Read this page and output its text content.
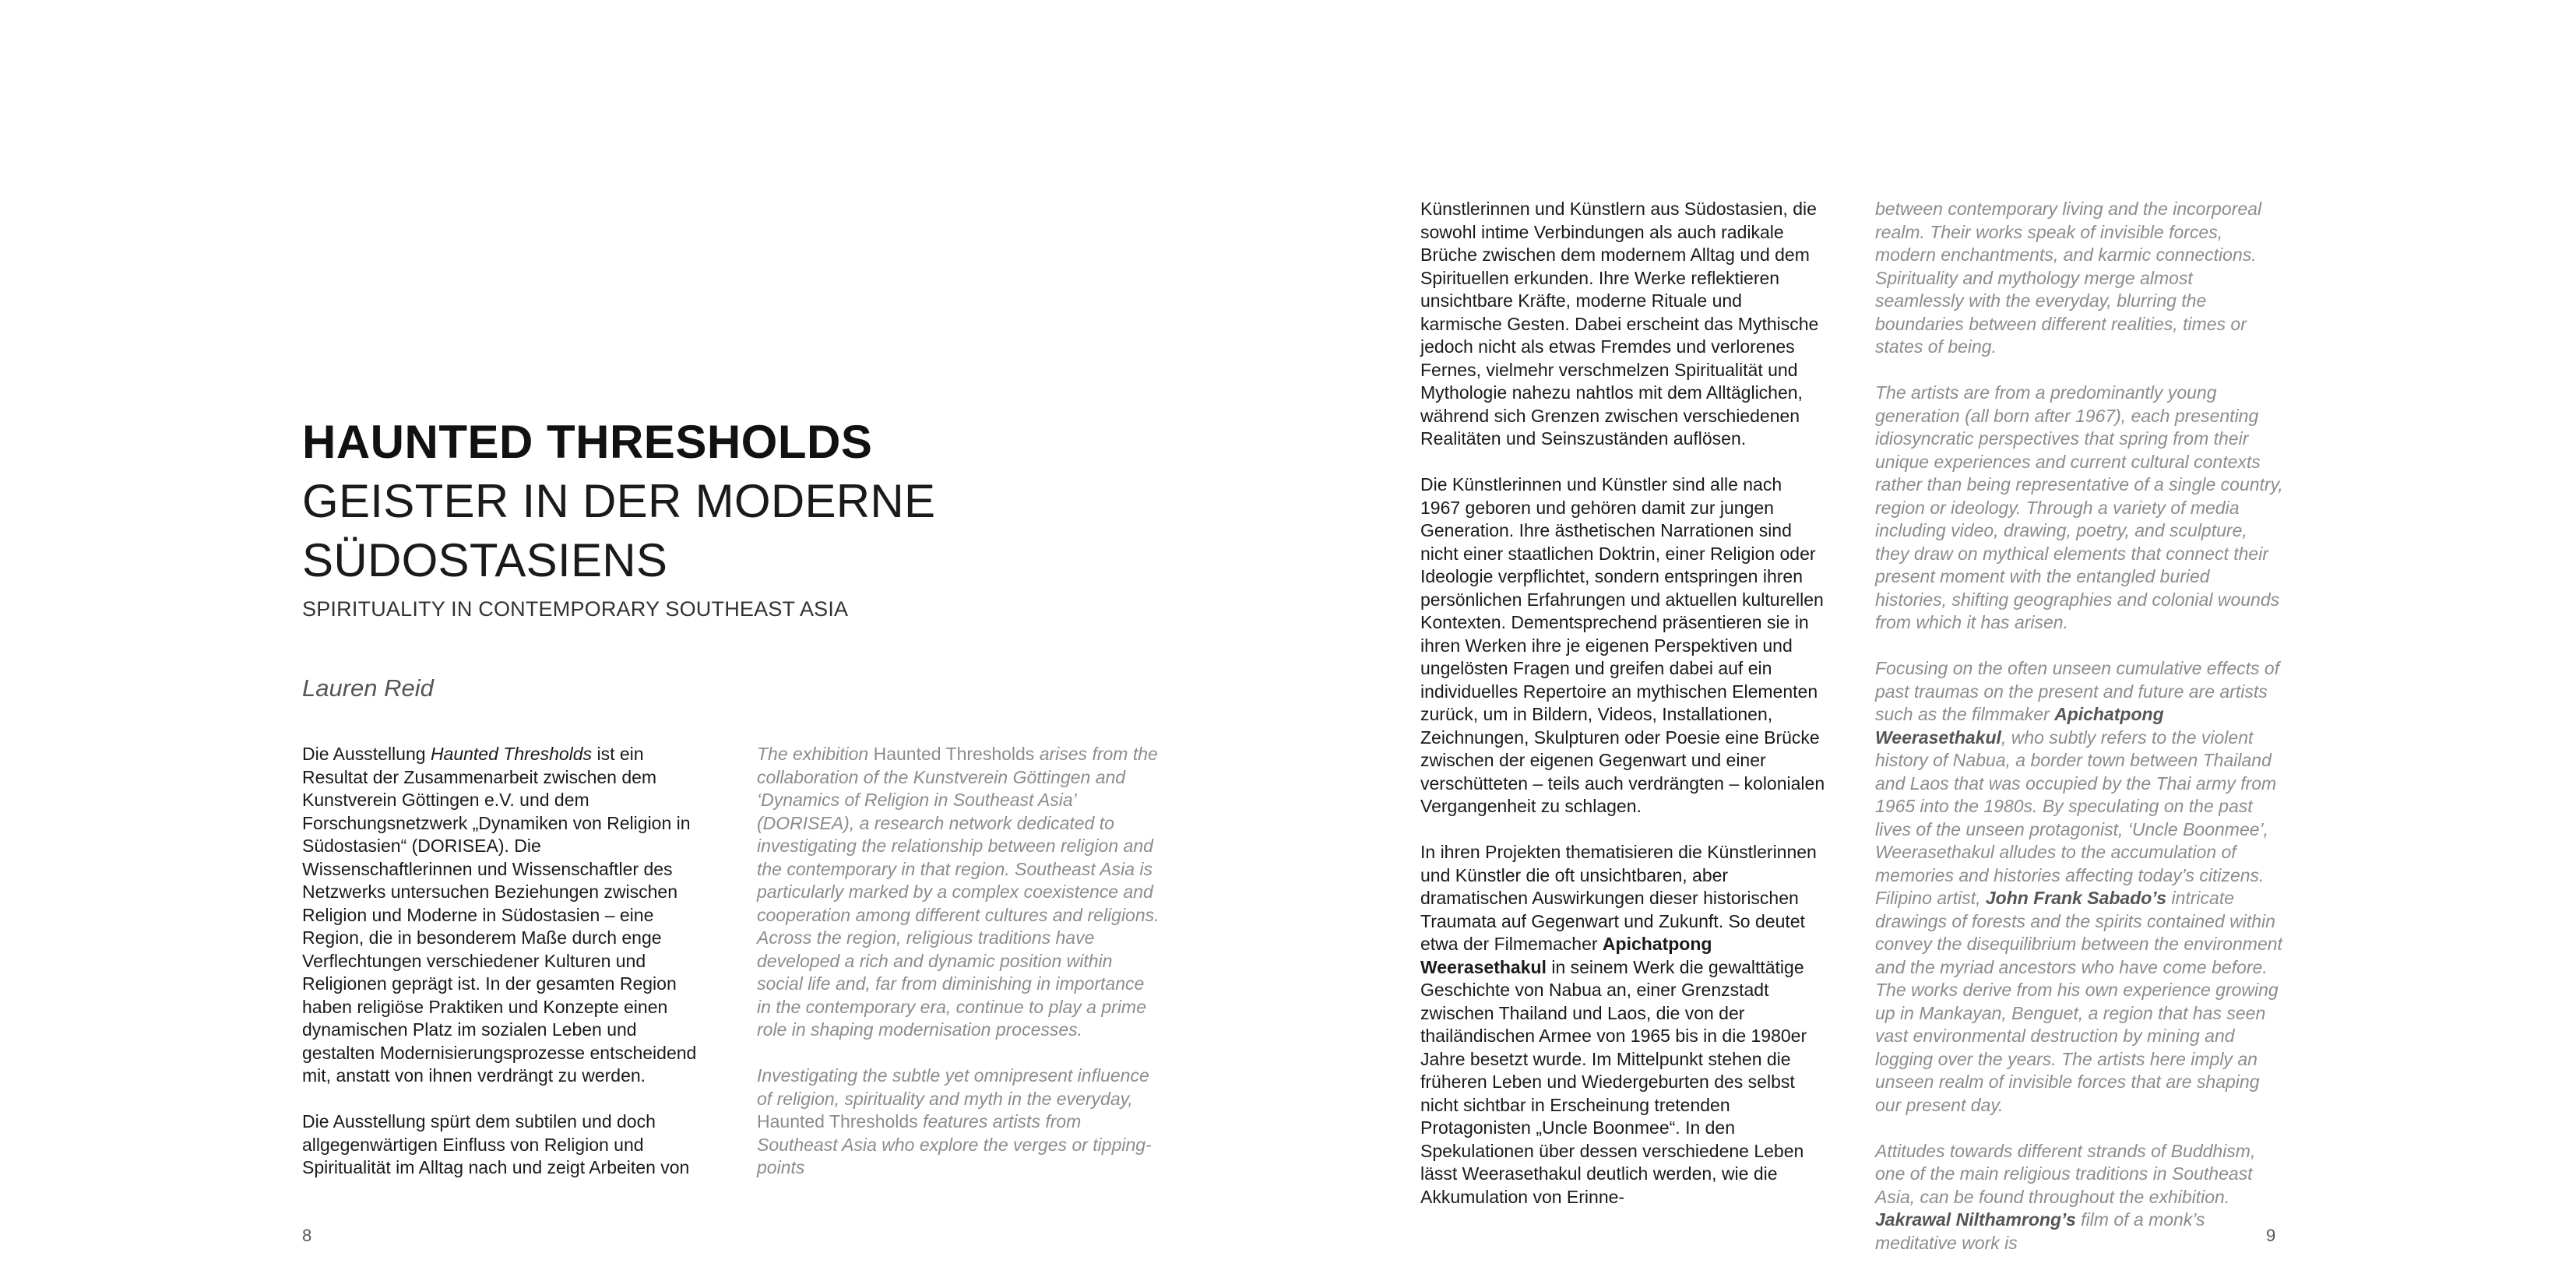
HAUNTED THRESHOLDS
GEISTER IN DER MODERNE
SÜDOSTASIENS
SPIRITUALITY IN CONTEMPORARY SOUTHEAST ASIA
Lauren Reid

Die Ausstellung Haunted Thresholds ist ein Resultat der Zusammenarbeit zwischen dem Kunstverein Göttingen e.V. und dem Forschungsnetzwerk „Dynamiken von Religion in Südostasien“ (DORISEA). Die Wissenschaftlerinnen und Wissenschaftler des Netzwerks untersuchen Beziehungen zwischen Religion und Moderne in Südostasien – eine Region, die in besonderem Maße durch enge Verflechtungen verschiedener Kulturen und Religionen geprägt ist. In der gesamten Region haben religiöse Praktiken und Konzepte einen dynamischen Platz im sozialen Leben und gestalten Modernisierungsprozesse entscheidend mit, anstatt von ihnen verdrängt zu werden.

Die Ausstellung spürt dem subtilen und doch allgegenwärtigen Einfluss von Religion und Spiritualität im Alltag nach und zeigt Arbeiten von

The exhibition Haunted Thresholds arises from the collaboration of the Kunstverein Göttingen and ‘Dynamics of Religion in Southeast Asia’ (DORISEA), a research network dedicated to investigating the relationship between religion and the contemporary in that region. Southeast Asia is particularly marked by a complex coexistence and cooperation among different cultures and religions. Across the region, religious traditions have developed a rich and dynamic position within social life and, far from diminishing in importance in the contemporary era, continue to play a prime role in shaping modernisation processes.

Investigating the subtle yet omnipresent influence of religion, spirituality and myth in the everyday, Haunted Thresholds features artists from Southeast Asia who explore the verges or tipping-points

8

Künstlerinnen und Künstlern aus Südostasien, die sowohl intime Verbindungen als auch radikale Brüche zwischen dem modernem Alltag und dem Spirituellen erkunden. Ihre Werke reflektieren unsichtbare Kräfte, moderne Rituale und karmische Gesten. Dabei erscheint das Mythische jedoch nicht als etwas Fremdes und verlorenes Fernes, vielmehr verschmelzen Spiritualität und Mythologie nahezu nahtlos mit dem Alltäglichen, während sich Grenzen zwischen verschiedenen Realitäten und Seinszuständen auflösen.

Die Künstlerinnen und Künstler sind alle nach 1967 geboren und gehören damit zur jungen Generation. Ihre ästhetischen Narrationen sind nicht einer staatlichen Doktrin, einer Religion oder Ideologie verpflichtet, sondern entspringen ihren persönlichen Erfahrungen und aktuellen kulturellen Kontexten. Dementsprechend präsentieren sie in ihren Werken ihre je eigenen Perspektiven und ungelösten Fragen und greifen dabei auf ein individuelles Repertoire an mythischen Elementen zurück, um in Bildern, Videos, Installationen, Zeichnungen, Skulpturen oder Poesie eine Brücke zwischen der eigenen Gegenwart und einer verschütteten – teils auch verdrängten – kolonialen Vergangenheit zu schlagen.

In ihren Projekten thematisieren die Künstlerinnen und Künstler die oft unsichtbaren, aber dramatischen Auswirkungen dieser historischen Traumata auf Gegenwart und Zukunft. So deutet etwa der Filmemacher Apichatpong Weerasethakul in seinem Werk die gewalttätige Geschichte von Nabua an, einer Grenzstadt zwischen Thailand und Laos, die von der thailändischen Armee von 1965 bis in die 1980er Jahre besetzt wurde. Im Mittelpunkt stehen die früheren Leben und Wiedergeburten des selbst nicht sichtbar in Erscheinung tretenden Protagonisten „Uncle Boonmee“. In den Spekulationen über dessen verschiedene Leben lässt Weerasethakul deutlich werden, wie die Akkumulation von Erinne-

between contemporary living and the incorporeal realm. Their works speak of invisible forces, modern enchantments, and karmic connections. Spirituality and mythology merge almost seamlessly with the everyday, blurring the boundaries between different realities, times or states of being.

The artists are from a predominantly young generation (all born after 1967), each presenting idiosyncratic perspectives that spring from their unique experiences and current cultural contexts rather than being representative of a single country, region or ideology. Through a variety of media including video, drawing, poetry, and sculpture, they draw on mythical elements that connect their present moment with the entangled buried histories, shifting geographies and colonial wounds from which it has arisen.

Focusing on the often unseen cumulative effects of past traumas on the present and future are artists such as the filmmaker Apichatpong Weerasethakul, who subtly refers to the violent history of Nabua, a border town between Thailand and Laos that was occupied by the Thai army from 1965 into the 1980s. By speculating on the past lives of the unseen protagonist, ‘Uncle Boonmee’, Weerasethakul alludes to the accumulation of memories and histories affecting today’s citizens. Filipino artist, John Frank Sabado’s intricate drawings of forests and the spirits contained within convey the disequilibrium between the environment and the myriad ancestors who have come before. The works derive from his own experience growing up in Mankayan, Benguet, a region that has seen vast environmental destruction by mining and logging over the years. The artists here imply an unseen realm of invisible forces that are shaping our present day.

Attitudes towards different strands of Buddhism, one of the main religious traditions in Southeast Asia, can be found throughout the exhibition. Jakrawal Nilthamrong’s film of a monk’s meditative work is	9
